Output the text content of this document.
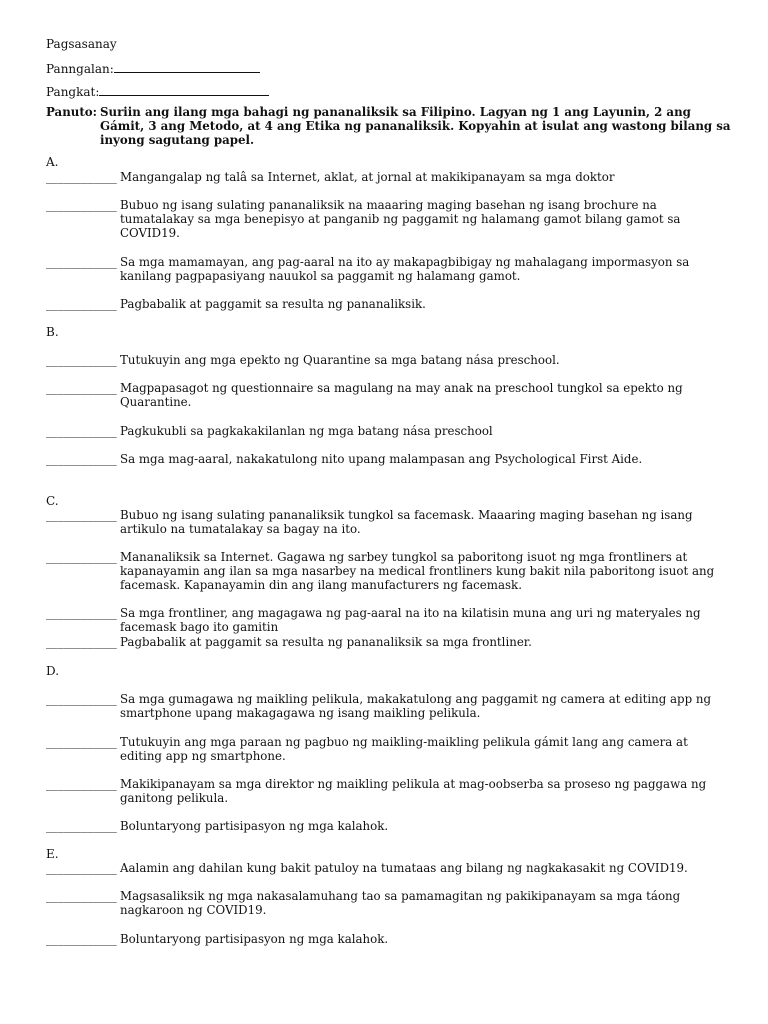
Pagsasanay
Panngalan:
Pangkat:
Panuto: Suriin ang ilang mga bahagi ng pananaliksik sa Filipino. Lagyan ng 1 ang Layunin, 2 ang Gámit, 3 ang Metodo, at 4 ang Etika ng pananaliksik. Kopyahin at isulat ang wastong bilang sa inyong sagutang papel.
A.
____________ Mangangalap ng talâ sa Internet, aklat, at jornal at makikipanayam sa mga doktor
____________ Bubuo ng isang sulating pananaliksik na maaaring maging basehan ng isang brochure na tumatalakay sa mga benepisyo at panganib ng paggamit ng halamang gamot bilang gamot sa COVID19.
____________ Sa mga mamamayan, ang pag-aaral na ito ay makapagbibigay ng mahalagang impormasyon sa kanilang pagpapasiyang nauukol sa paggamit ng halamang gamot.
____________ Pagbabalik at paggamit sa resulta ng pananaliksik.
B.
____________ Tutukuyin ang mga epekto ng Quarantine sa mga batang nása preschool.
____________ Magpapasagot ng questionnaire sa magulang na may anak na preschool tungkol sa epekto ng Quarantine.
____________ Pagkukubli sa pagkakakilanlan ng mga batang nása preschool
____________ Sa mga mag-aaral, nakakatulong nito upang malampasan ang Psychological First Aide.
C.
____________ Bubuo ng isang sulating pananaliksik tungkol sa facemask. Maaaring maging basehan ng isang artikulo na tumatalakay sa bagay na ito.
____________ Mananaliksik sa Internet. Gagawa ng sarbey tungkol sa paboritong isuot ng mga frontliners at kapanayamin ang ilan sa mga nasarbey na medical frontliners kung bakit nila paboritong isuot ang facemask. Kapanayamin din ang ilang manufacturers ng facemask.
____________ Sa mga frontliner, ang magagawa ng pag-aaral na ito na kilatisin muna ang uri ng materyales ng facemask bago ito gamitin
____________ Pagbabalik at paggamit sa resulta ng pananaliksik sa mga frontliner.
D.
____________ Sa mga gumagawa ng maikling pelikula, makakatulong ang paggamit ng camera at editing app ng smartphone upang makagagawa ng isang maikling pelikula.
____________ Tutukuyin ang mga paraan ng pagbuo ng maikling-maikling pelikula gámit lang ang camera at editing app ng smartphone.
____________ Makikipanayam sa mga direktor ng maikling pelikula at mag-oobserba sa proseso ng paggawa ng ganitong pelikula.
____________ Boluntaryong partisipasyon ng mga kalahok.
E.
____________ Aalamin ang dahilan kung bakit patuloy na tumataas ang bilang ng nagkakasakit ng COVID19.
____________ Magsasaliksik ng mga nakasalamuhang tao sa pamamagitan ng pakikipanayam sa mga táong nagkaroon ng COVID19.
____________ Boluntaryong partisipasyon ng mga kalahok.
